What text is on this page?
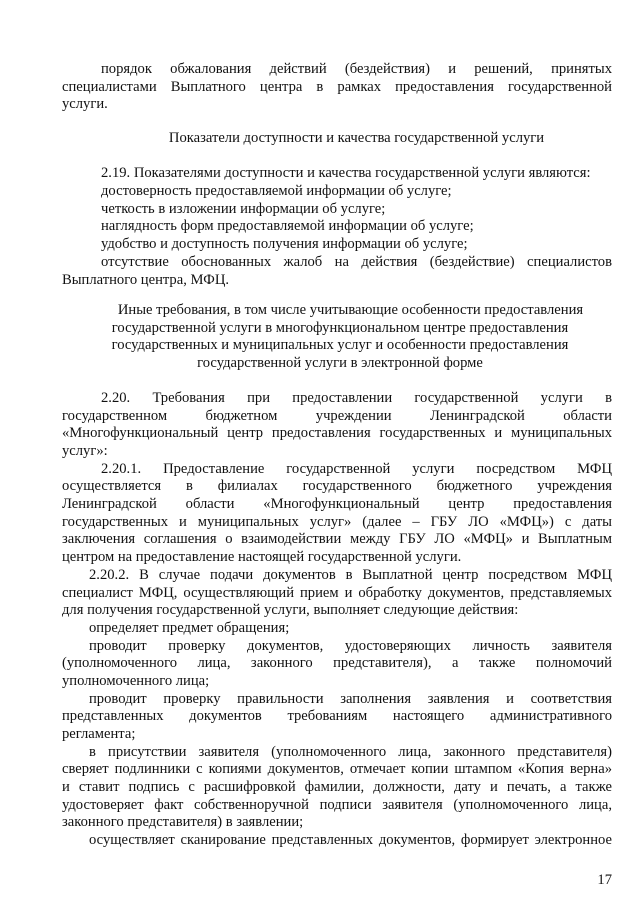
порядок обжалования действий (бездействия) и решений, принятых
специалистами Выплатного центра в рамках предоставления государственной
услуги.
Показатели доступности и качества государственной услуги
2.19. Показателями доступности и качества государственной услуги являются:
достоверность предоставляемой информации об услуге;
четкость в изложении информации об услуге;
наглядность форм предоставляемой информации об услуге;
удобство и доступность получения информации об услуге;
отсутствие обоснованных жалоб на действия (бездействие) специалистов
Выплатного центра, МФЦ.
Иные требования, в том числе учитывающие особенности предоставления
государственной услуги в многофункциональном центре предоставления
государственных и муниципальных услуг и особенности предоставления
государственной услуги в электронной форме
2.20. Требования при предоставлении государственной услуги в
государственном бюджетном учреждении Ленинградской области
«Многофункциональный центр предоставления государственных и муниципальных
услуг»:
2.20.1. Предоставление государственной услуги посредством МФЦ
осуществляется в филиалах государственного бюджетного учреждения
Ленинградской области «Многофункциональный центр предоставления
государственных и муниципальных услуг» (далее – ГБУ ЛО «МФЦ») с даты
заключения соглашения о взаимодействии между ГБУ ЛО «МФЦ» и Выплатным
центром на предоставление настоящей государственной услуги.
2.20.2. В случае подачи документов в Выплатной центр посредством МФЦ
специалист МФЦ, осуществляющий прием и обработку документов, представляемых
для получения государственной услуги, выполняет следующие действия:
определяет предмет обращения;
проводит проверку документов, удостоверяющих личность заявителя
(уполномоченного лица, законного представителя), а также полномочий
уполномоченного лица;
проводит проверку правильности заполнения заявления и соответствия
представленных документов требованиям настоящего административного
регламента;
в присутствии заявителя (уполномоченного лица, законного представителя)
сверяет подлинники с копиями документов, отмечает копии штампом «Копия верна»
и ставит подпись с расшифровкой фамилии, должности, дату и печать, а также
удостоверяет факт собственноручной подписи заявителя (уполномоченного лица,
законного представителя) в заявлении;
осуществляет сканирование представленных документов, формирует электронное
17
